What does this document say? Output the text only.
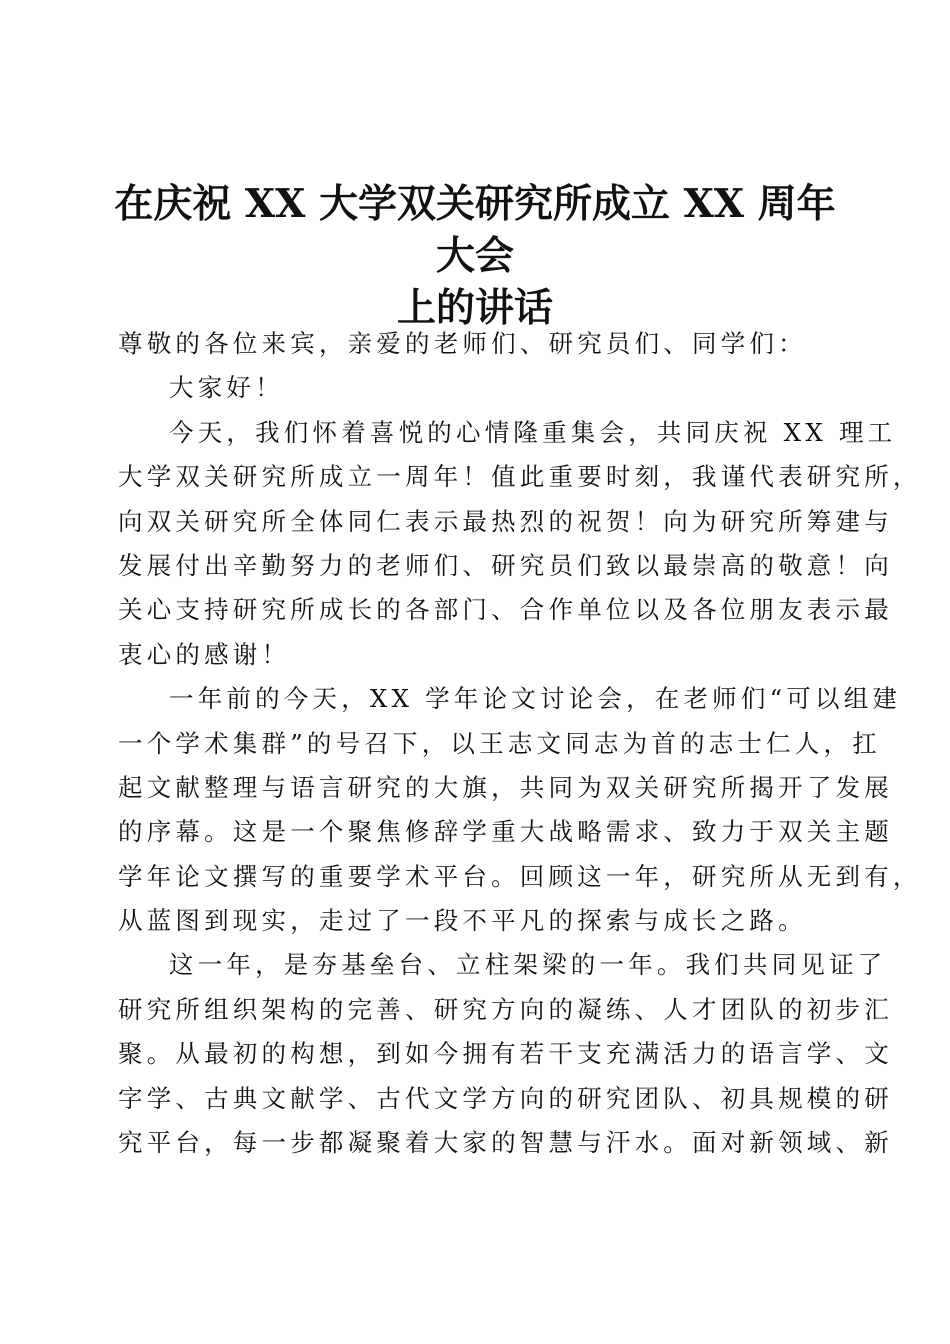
在庆祝 XX 大学双关研究所成立 XX 周年大会
上的讲话
尊敬的各位来宾，亲爱的老师们、研究员们、同学们：
大家好！
今天，我们怀着喜悦的心情隆重集会，共同庆祝 XX 理工
大学双关研究所成立一周年！值此重要时刻，我谨代表研究所，
向双关研究所全体同仁表示最热烈的祝贺！向为研究所筹建与
发展付出辛勤努力的老师们、研究员们致以最崇高的敬意！向
关心支持研究所成长的各部门、合作单位以及各位朋友表示最
衷心的感谢！
一年前的今天，XX 学年论文讨论会，在老师们“可以组建
一个学术集群”的号召下，以王志文同志为首的志士仁人，扛
起文献整理与语言研究的大旗，共同为双关研究所揭开了发展
的序幕。这是一个聚焦修辞学重大战略需求、致力于双关主题
学年论文撰写的重要学术平台。回顾这一年，研究所从无到有，
从蓝图到现实，走过了一段不平凡的探索与成长之路。
这一年，是夯基垒台、立柱架梁的一年。我们共同见证了
研究所组织架构的完善、研究方向的凝练、人才团队的初步汇
聚。从最初的构想，到如今拥有若干支充满活力的语言学、文
字学、古典文献学、古代文学方向的研究团队、初具规模的研
究平台，每一步都凝聚着大家的智慧与汗水。面对新领域、新
